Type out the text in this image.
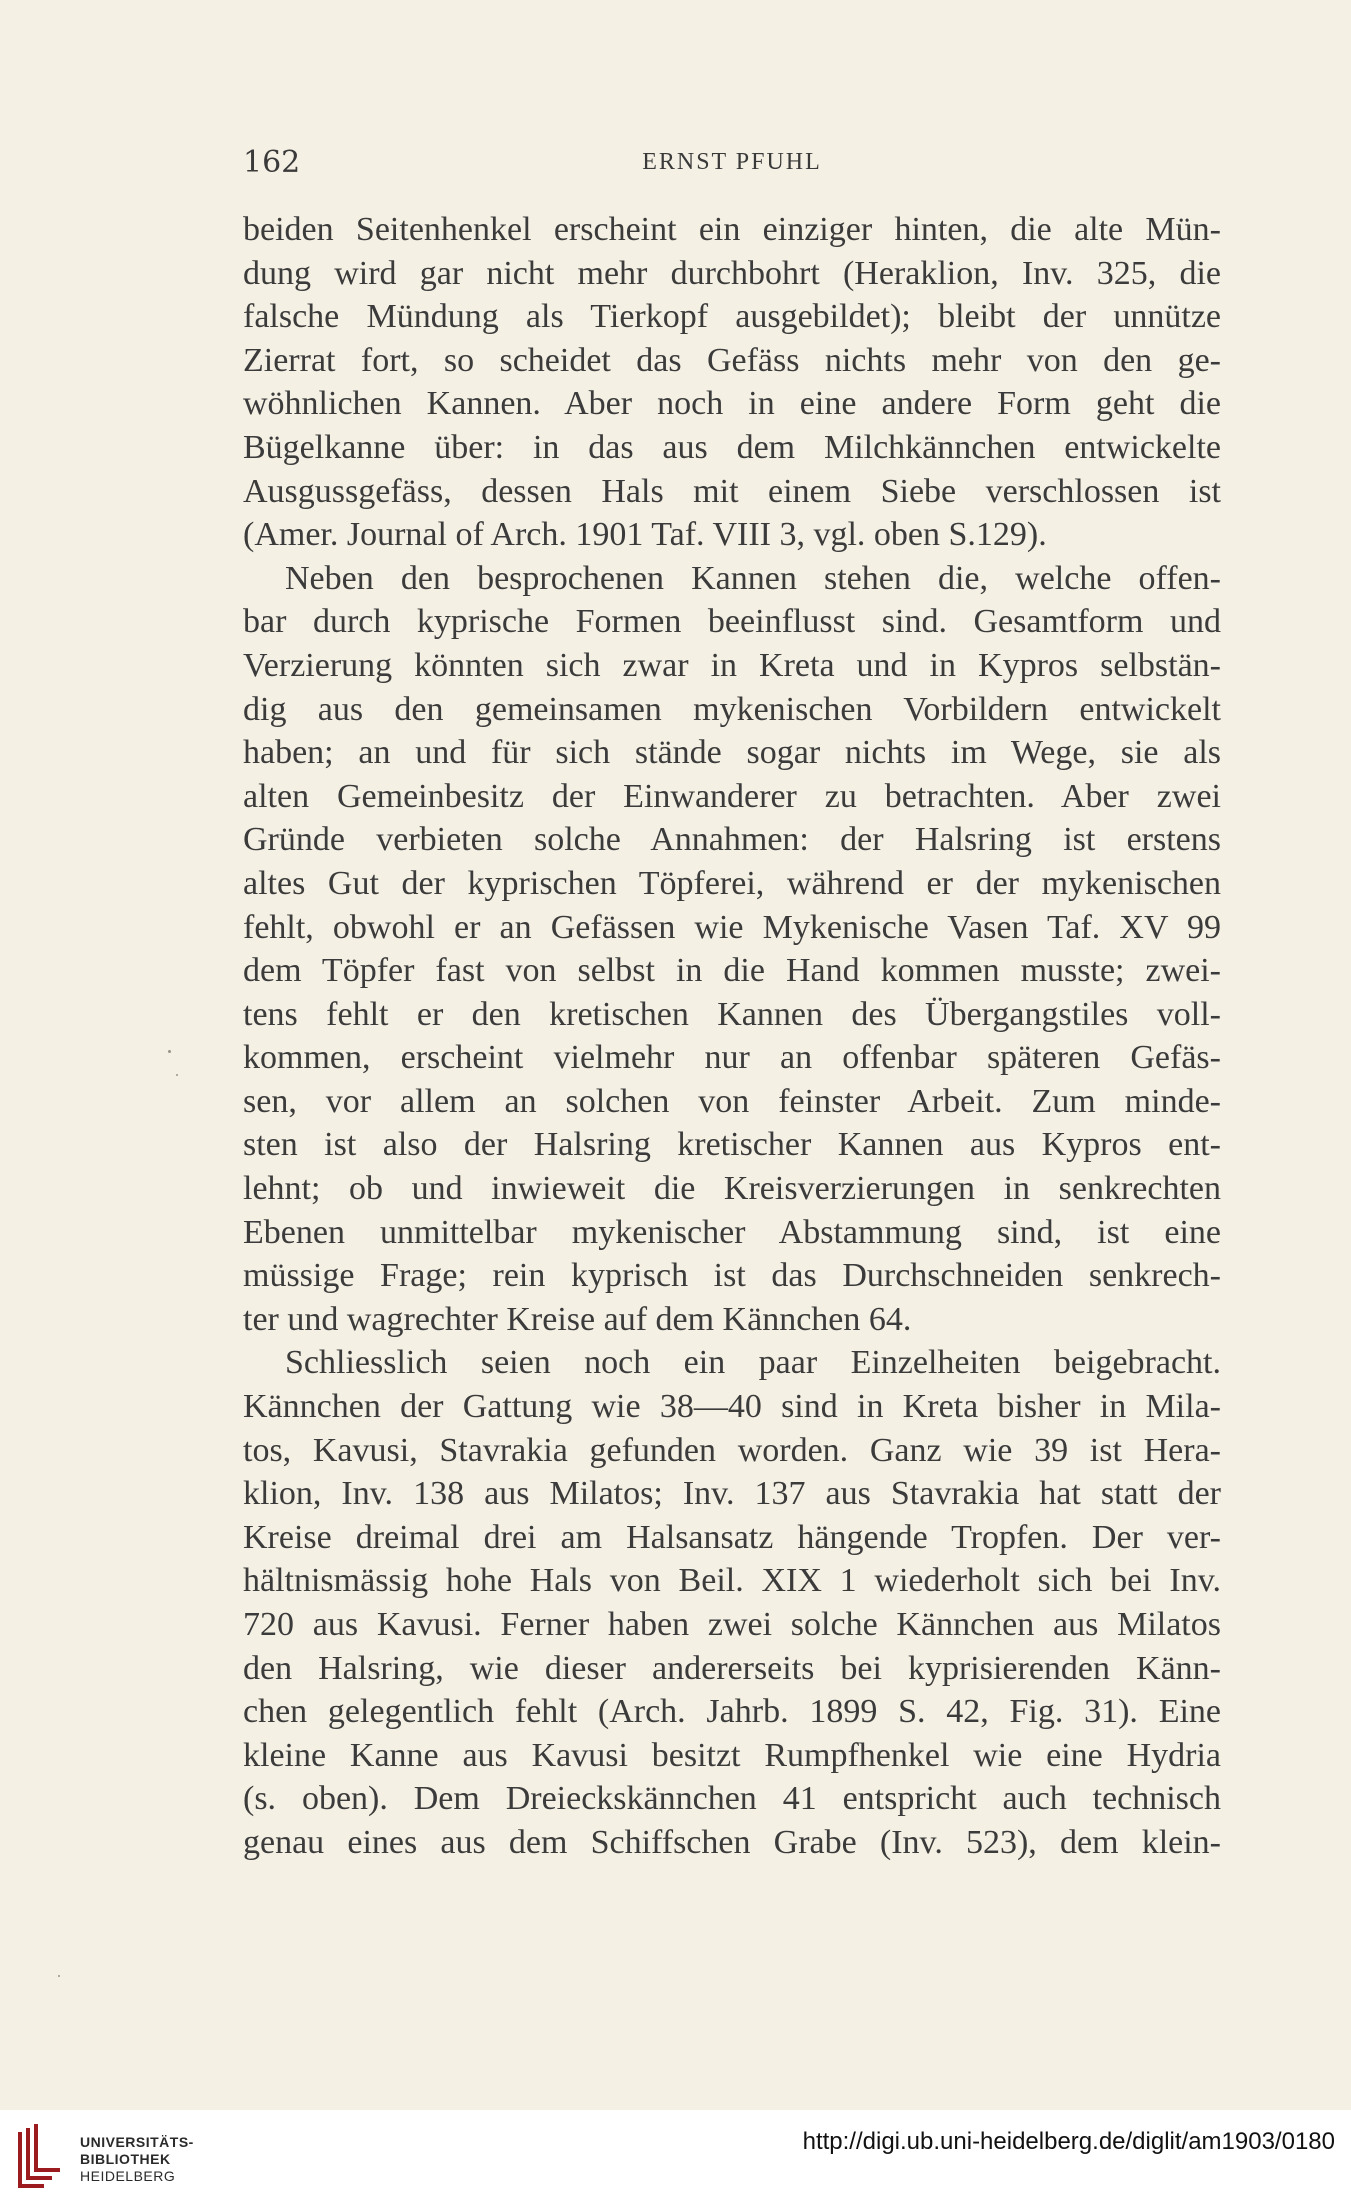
162	ERNST PFUHL
beiden Seitenhenkel erscheint ein einziger hinten, die alte Mün-
dung wird gar nicht mehr durchbohrt (Heraklion, Inv. 325, die
falsche Mündung als Tierkopf ausgebildet); bleibt der unnütze
Zierrat fort, so scheidet das Gefäss nichts mehr von den ge-
wöhnlichen Kannen. Aber noch in eine andere Form geht die
Bügelkanne über: in das aus dem Milchkännchen entwickelte
Ausgussgefäss, dessen Hals mit einem Siebe verschlossen ist
(Amer. Journal of Arch. 1901 Taf. VIII 3, vgl. oben S.129).
Neben den besprochenen Kannen stehen die, welche offen-
bar durch kyprische Formen beeinflusst sind. Gesamtform und
Verzierung könnten sich zwar in Kreta und in Kypros selbstän-
dig aus den gemeinsamen mykenischen Vorbildern entwickelt
haben; an und für sich stände sogar nichts im Wege, sie als
alten Gemeinbesitz der Einwanderer zu betrachten. Aber zwei
Gründe verbieten solche Annahmen: der Halsring ist erstens
altes Gut der kyprischen Töpferei, während er der mykenischen
fehlt, obwohl er an Gefässen wie Mykenische Vasen Taf. XV 99
dem Töpfer fast von selbst in die Hand kommen musste; zwei-
tens fehlt er den kretischen Kannen des Übergangstiles voll-
kommen, erscheint vielmehr nur an offenbar späteren Gefäs-
sen, vor allem an solchen von feinster Arbeit. Zum minde-
sten ist also der Halsring kretischer Kannen aus Kypros ent-
lehnt; ob und inwieweit die Kreisverzierungen in senkrechten
Ebenen unmittelbar mykenischer Abstammung sind, ist eine
müssige Frage; rein kyprisch ist das Durchschneiden senkrech-
ter und wagrechter Kreise auf dem Kännchen 64.
Schliesslich seien noch ein paar Einzelheiten beigebracht.
Kännchen der Gattung wie 38—40 sind in Kreta bisher in Mila-
tos, Kavusi, Stavrakia gefunden worden. Ganz wie 39 ist Hera-
klion, Inv. 138 aus Milatos; Inv. 137 aus Stavrakia hat statt der
Kreise dreimal drei am Halsansatz hängende Tropfen. Der ver-
hältnismässig hohe Hals von Beil. XIX 1 wiederholt sich bei Inv.
720 aus Kavusi. Ferner haben zwei solche Kännchen aus Milatos
den Halsring, wie dieser andererseits bei kyprisierenden Känn-
chen gelegentlich fehlt (Arch. Jahrb. 1899 S. 42, Fig. 31). Eine
kleine Kanne aus Kavusi besitzt Rumpfhenkel wie eine Hydria
(s. oben). Dem Dreieckskännchen 41 entspricht auch technisch
genau eines aus dem Schiffschen Grabe (Inv. 523), dem klein-
UNIVERSITÄTS-
BIBLIOTHEK
HEIDELBERG
http://digi.ub.uni-heidelberg.de/diglit/am1903/0180
